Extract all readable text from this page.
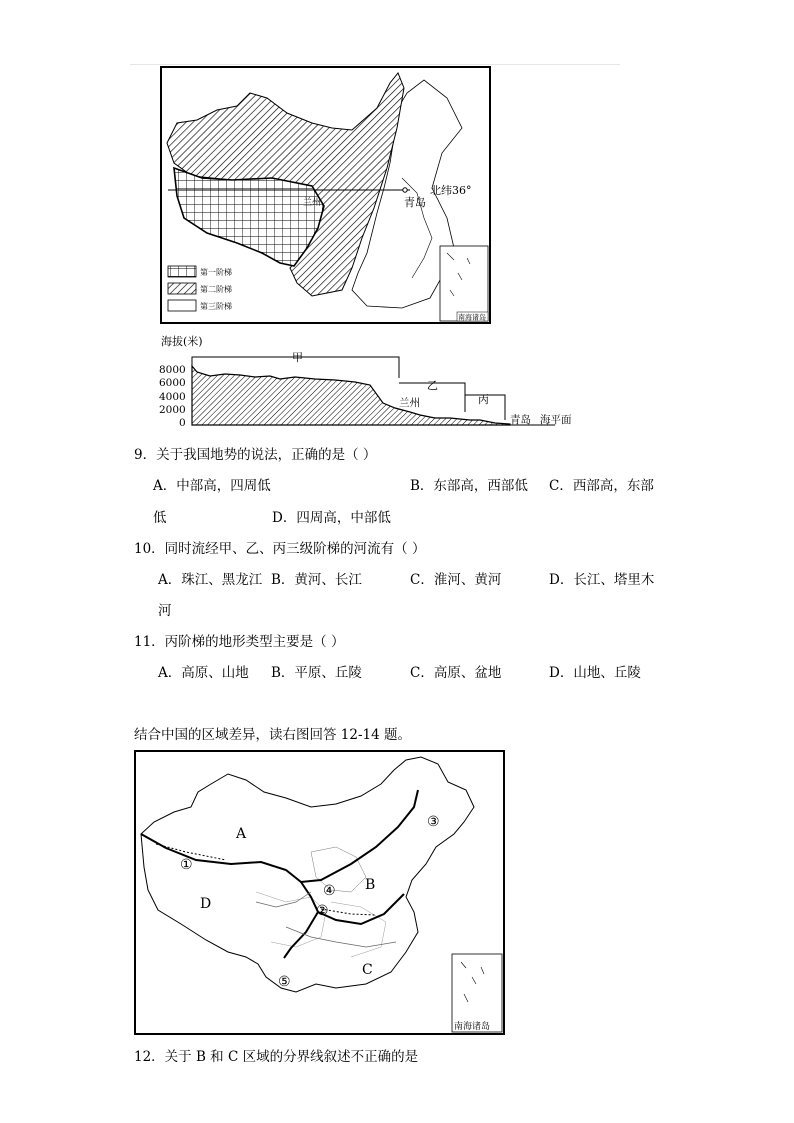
北纬36°
青岛
兰州
南海诸岛
第一阶梯
第二阶梯
第三阶梯
海拔(米)
8000
6000
4000
2000
0
甲
乙
丙
兰州
青岛 海平面
9．关于我国地势的说法，正确的是（ ）
A．中部高，四周低	B．东部高，西部低 C．西部高，东部
低	D．四周高，中部低
10．同时流经甲、乙、丙三级阶梯的河流有（ ）
A．珠江、黑龙江 B．黄河、长江	C．淮河、黄河	D．长江、塔里木
河
11．丙阶梯的地形类型主要是（ ）
A．高原、山地 B．平原、丘陵	C．高原、盆地	D．山地、丘陵
结合中国的区域差异，读右图回答 12-14 题。
A
B
C
D
①
②
③
④
⑤
南海诸岛
12．关于 B 和 C 区域的分界线叙述不正确的是
